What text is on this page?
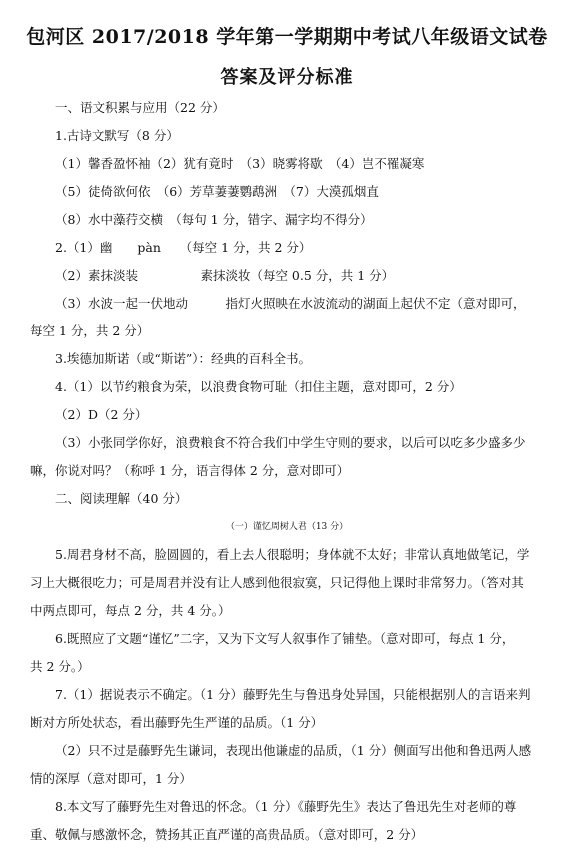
包河区 2017/2018 学年第一学期期中考试八年级语文试卷
答案及评分标准
一、语文积累与应用（22 分）
1.古诗文默写（8 分）
（1）馨香盈怀袖（2）犹有竟时　（3）晓雾将歇　（4）岂不罹凝寒
（5）徒倚欲何依　（6）芳草萋萋鹦鹉洲　（7）大漠孤烟直
（8）水中藻荇交横　（每句 1 分，错字、漏字均不得分）
2.（1）幽　　pàn　　（每空 1 分，共 2 分）
（2）素抹淡装　　　　　素抹淡妆（每空 0.5 分，共 1 分）
（3）水波一起一伏地动　　　指灯火照映在水波流动的湖面上起伏不定（意对即可，
每空 1 分，共 2 分）
3.埃德加斯诺（或“斯诺”）：经典的百科全书。
4.（1）以节约粮食为荣，以浪费食物可耻（扣住主题，意对即可，2 分）
（2）D（2 分）
（3）小张同学你好，浪费粮食不符合我们中学生守则的要求，以后可以吃多少盛多少
嘛，你说对吗？（称呼 1 分，语言得体 2 分，意对即可）
二、阅读理解（40 分）
（一）谨忆周树人君（13 分）
5.周君身材不高，脸圆圆的，看上去人很聪明；身体就不太好；非常认真地做笔记，学
习上大概很吃力；可是周君并没有让人感到他很寂寞，只记得他上课时非常努力。（答对其
中两点即可，每点 2 分，共 4 分。）
6.既照应了文题“谨忆”二字，又为下文写人叙事作了铺垫。（意对即可，每点 1 分，
共 2 分。）
7.（1）据说表示不确定。（1 分）藤野先生与鲁迅身处异国，只能根据别人的言语来判
断对方所处状态，看出藤野先生严谨的品质。（1 分）
（2）只不过是藤野先生谦词，表现出他谦虚的品质，（1 分）侧面写出他和鲁迅两人感
情的深厚（意对即可，1 分）
8.本文写了藤野先生对鲁迅的怀念。（1 分）《藤野先生》表达了鲁迅先生对老师的尊
重、敬佩与感激怀念，赞扬其正直严谨的高贵品质。（意对即可，2 分）
